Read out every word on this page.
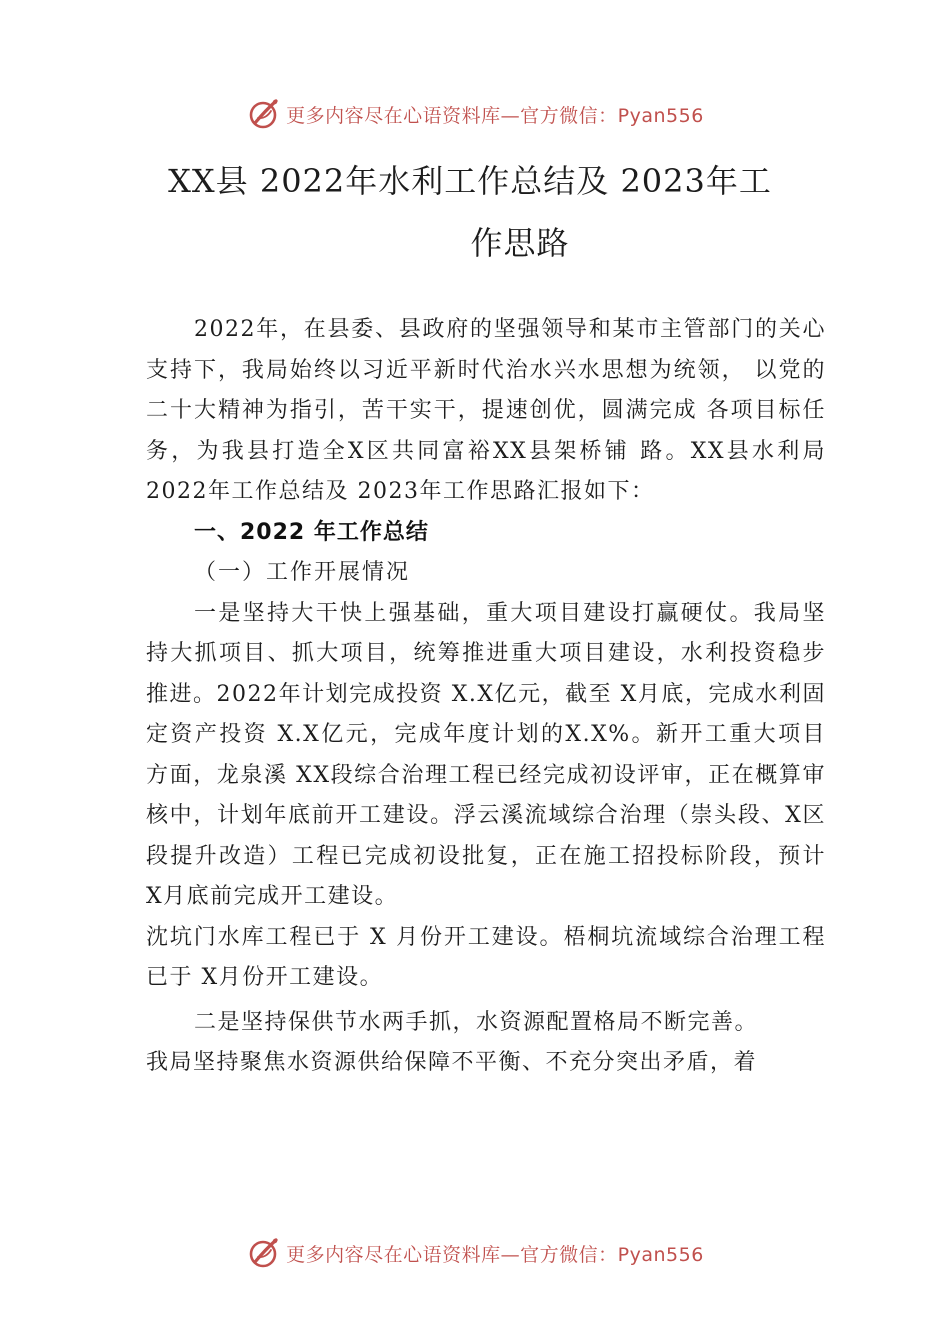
更多内容尽在心语资料库—官方微信：Pyan556
XX县 2022年水利工作总结及 2023年工
作思路
2022年，在县委、县政府的坚强领导和某市主管部门的关心支持下，我局始终以习近平新时代治水兴水思想为统领， 以党的二十大精神为指引，苦干实干，提速创优，圆满完成 各项目标任务，为我县打造全X区共同富裕XX县架桥铺 路。XX县水利局 2022年工作总结及 2023年工作思路汇报如下：
一、2022 年工作总结
（一）工作开展情况
一是坚持大干快上强基础，重大项目建设打赢硬仗。我局坚持大抓项目、抓大项目，统筹推进重大项目建设，水利投资稳步推进。2022年计划完成投资 X.X亿元，截至 X月底，完成水利固定资产投资 X.X亿元，完成年度计划的X.X%。新开工重大项目方面，龙泉溪 XX段综合治理工程已经完成初设评审，正在概算审核中，计划年底前开工建设。浮云溪流域综合治理（崇头段、X区段提升改造）工程已完成初设批复，正在施工招投标阶段，预计 X月底前完成开工建设。
沈坑门水库工程已于 X 月份开工建设。梧桐坑流域综合治理工程已于 X月份开工建设。
二是坚持保供节水两手抓，水资源配置格局不断完善。
我局坚持聚焦水资源供给保障不平衡、不充分突出矛盾，着
更多内容尽在心语资料库—官方微信：Pyan556
